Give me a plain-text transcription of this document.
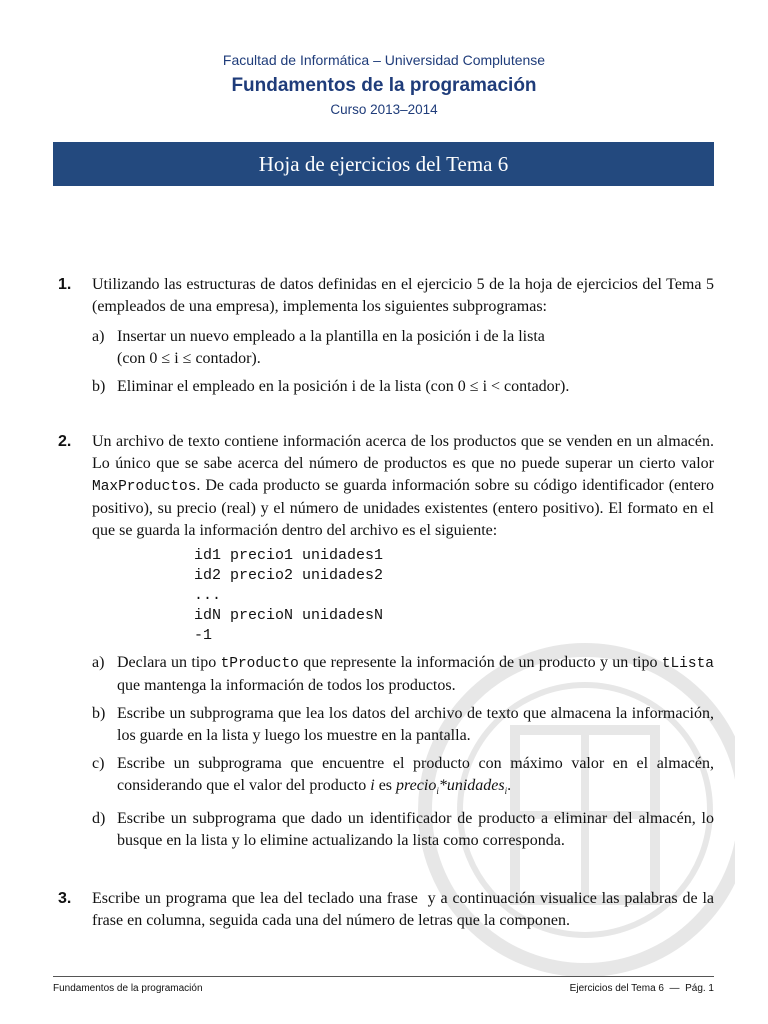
Facultad de Informática – Universidad Complutense
Fundamentos de la programación
Curso 2013–2014
Hoja de ejercicios del Tema 6
1. Utilizando las estructuras de datos definidas en el ejercicio 5 de la hoja de ejercicios del Tema 5 (empleados de una empresa), implementa los siguientes subprogramas:
a) Insertar un nuevo empleado a la plantilla en la posición i de la lista
(con 0 ≤ i ≤ contador).
b) Eliminar el empleado en la posición i de la lista (con 0 ≤ i < contador).
2. Un archivo de texto contiene información acerca de los productos que se venden en un almacén. Lo único que se sabe acerca del número de productos es que no puede superar un cierto valor MaxProductos. De cada producto se guarda información sobre su código identificador (entero positivo), su precio (real) y el número de unidades existentes (entero positivo). El formato en el que se guarda la información dentro del archivo es el siguiente:
id1 precio1 unidades1
id2 precio2 unidades2
...
idN precioN unidadesN
-1
a) Declara un tipo tProducto que represente la información de un producto y un tipo tLista que mantenga la información de todos los productos.
b) Escribe un subprograma que lea los datos del archivo de texto que almacena la información, los guarde en la lista y luego los muestre en la pantalla.
c) Escribe un subprograma que encuentre el producto con máximo valor en el almacén, considerando que el valor del producto i es precio$_i$*unidades$_i$.
d) Escribe un subprograma que dado un identificador de producto a eliminar del almacén, lo busque en la lista y lo elimine actualizando la lista como corresponda.
3. Escribe un programa que lea del teclado una frase  y a continuación visualice las palabras de la frase en columna, seguida cada una del número de letras que la componen.
Fundamentos de la programación	Ejercicios del Tema 6  —  Pág. 1
